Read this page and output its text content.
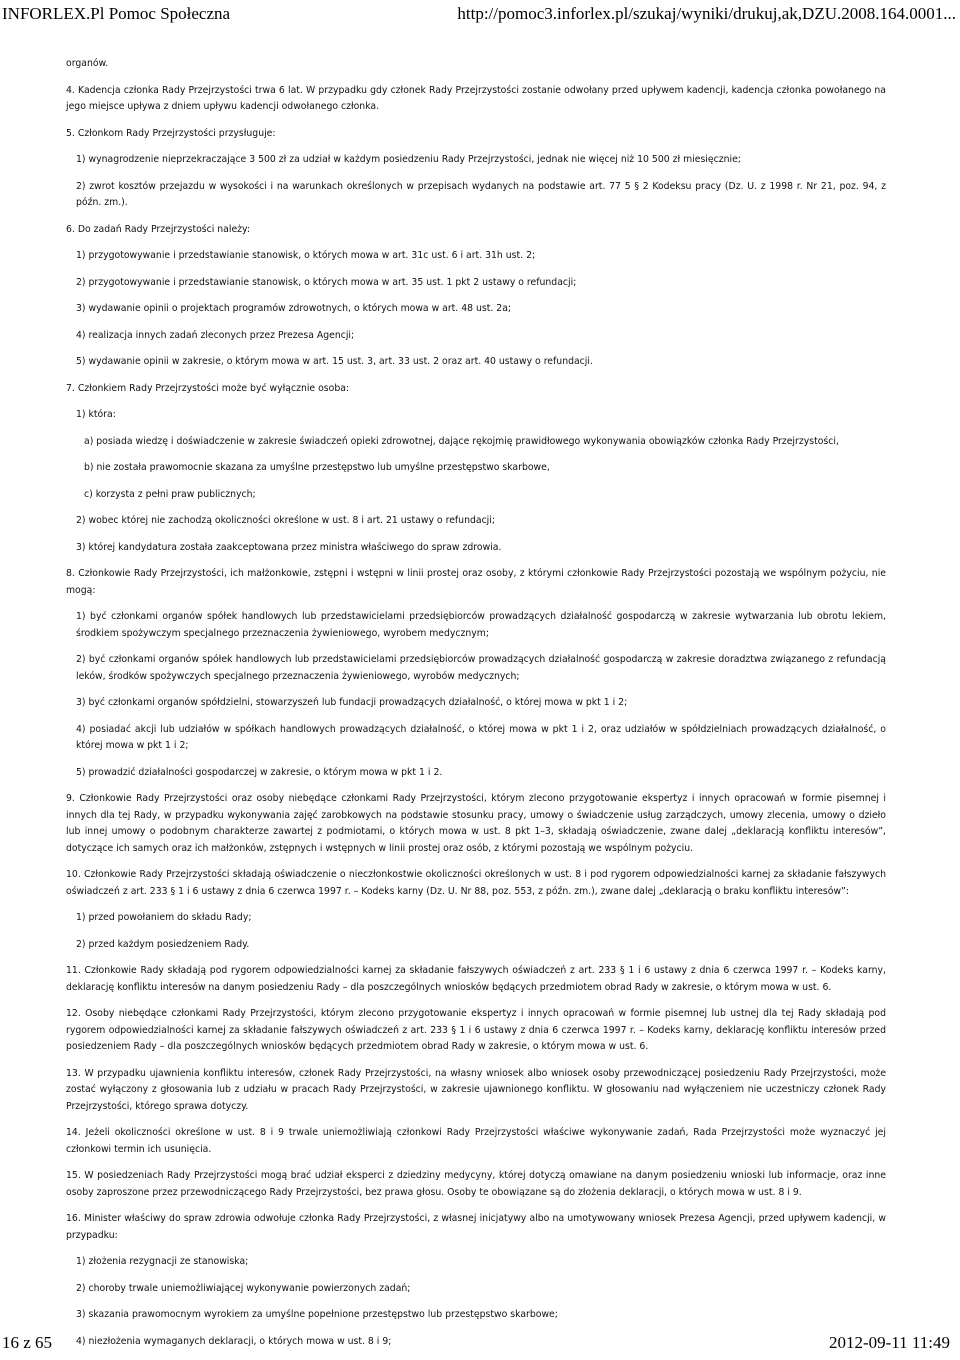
INFORLEX.Pl Pomoc Społeczna	http://pomoc3.inforlex.pl/szukaj/wyniki/drukuj,ak,DZU.2008.164.0001...

organów.

4. Kadencja członka Rady Przejrzystości trwa 6 lat. W przypadku gdy członek Rady Przejrzystości zostanie odwołany przed upływem kadencji, kadencja członka powołanego na jego miejsce upływa z dniem upływu kadencji odwołanego członka.

5. Członkom Rady Przejrzystości przysługuje:

1) wynagrodzenie nieprzekraczające 3 500 zł za udział w każdym posiedzeniu Rady Przejrzystości, jednak nie więcej niż 10 500 zł miesięcznie;

2) zwrot kosztów przejazdu w wysokości i na warunkach określonych w przepisach wydanych na podstawie art. 77 5 § 2 Kodeksu pracy (Dz. U. z 1998 r. Nr 21, poz. 94, z późn. zm.).

6. Do zadań Rady Przejrzystości należy:

1) przygotowywanie i przedstawianie stanowisk, o których mowa w art. 31c ust. 6 i art. 31h ust. 2;

2) przygotowywanie i przedstawianie stanowisk, o których mowa w art. 35 ust. 1 pkt 2 ustawy o refundacji;

3) wydawanie opinii o projektach programów zdrowotnych, o których mowa w art. 48 ust. 2a;

4) realizacja innych zadań zleconych przez Prezesa Agencji;

5) wydawanie opinii w zakresie, o którym mowa w art. 15 ust. 3, art. 33 ust. 2 oraz art. 40 ustawy o refundacji.

7. Członkiem Rady Przejrzystości może być wyłącznie osoba:

1) która:

a) posiada wiedzę i doświadczenie w zakresie świadczeń opieki zdrowotnej, dające rękojmię prawidłowego wykonywania obowiązków członka Rady Przejrzystości,

b) nie została prawomocnie skazana za umyślne przestępstwo lub umyślne przestępstwo skarbowe,

c) korzysta z pełni praw publicznych;

2) wobec której nie zachodzą okoliczności określone w ust. 8 i art. 21 ustawy o refundacji;

3) której kandydatura została zaakceptowana przez ministra właściwego do spraw zdrowia.

8. Członkowie Rady Przejrzystości, ich małżonkowie, zstępni i wstępni w linii prostej oraz osoby, z którymi członkowie Rady Przejrzystości pozostają we wspólnym pożyciu, nie mogą:

1) być członkami organów spółek handlowych lub przedstawicielami przedsiębiorców prowadzących działalność gospodarczą w zakresie wytwarzania lub obrotu lekiem, środkiem spożywczym specjalnego przeznaczenia żywieniowego, wyrobem medycznym;

2) być członkami organów spółek handlowych lub przedstawicielami przedsiębiorców prowadzących działalność gospodarczą w zakresie doradztwa związanego z refundacją leków, środków spożywczych specjalnego przeznaczenia żywieniowego, wyrobów medycznych;

3) być członkami organów spółdzielni, stowarzyszeń lub fundacji prowadzących działalność, o której mowa w pkt 1 i 2;

4) posiadać akcji lub udziałów w spółkach handlowych prowadzących działalność, o której mowa w pkt 1 i 2, oraz udziałów w spółdzielniach prowadzących działalność, o której mowa w pkt 1 i 2;

5) prowadzić działalności gospodarczej w zakresie, o którym mowa w pkt 1 i 2.

9. Członkowie Rady Przejrzystości oraz osoby niebędące członkami Rady Przejrzystości, którym zlecono przygotowanie ekspertyz i innych opracowań w formie pisemnej i innych dla tej Rady, w przypadku wykonywania zajęć zarobkowych na podstawie stosunku pracy, umowy o świadczenie usług zarządczych, umowy zlecenia, umowy o dzieło lub innej umowy o podobnym charakterze zawartej z podmiotami, o których mowa w ust. 8 pkt 1–3, składają oświadczenie, zwane dalej „deklaracją konfliktu interesów”, dotyczące ich samych oraz ich małżonków, zstępnych i wstępnych w linii prostej oraz osób, z którymi pozostają we wspólnym pożyciu.

10. Członkowie Rady Przejrzystości składają oświadczenie o nieczłonkostwie okoliczności określonych w ust. 8 i pod rygorem odpowiedzialności karnej za składanie fałszywych oświadczeń z art. 233 § 1 i 6 ustawy z dnia 6 czerwca 1997 r. – Kodeks karny (Dz. U. Nr 88, poz. 553, z późn. zm.), zwane dalej „deklaracją o braku konfliktu interesów”:

1) przed powołaniem do składu Rady;

2) przed każdym posiedzeniem Rady.

11. Członkowie Rady składają pod rygorem odpowiedzialności karnej za składanie fałszywych oświadczeń z art. 233 § 1 i 6 ustawy z dnia 6 czerwca 1997 r. – Kodeks karny, deklarację konfliktu interesów na danym posiedzeniu Rady – dla poszczególnych wniosków będących przedmiotem obrad Rady w zakresie, o którym mowa w ust. 6.

12. Osoby niebędące członkami Rady Przejrzystości, którym zlecono przygotowanie ekspertyz i innych opracowań w formie pisemnej lub ustnej dla tej Rady składają pod rygorem odpowiedzialności karnej za składanie fałszywych oświadczeń z art. 233 § 1 i 6 ustawy z dnia 6 czerwca 1997 r. – Kodeks karny, deklarację konfliktu interesów przed posiedzeniem Rady – dla poszczególnych wniosków będących przedmiotem obrad Rady w zakresie, o którym mowa w ust. 6.

13. W przypadku ujawnienia konfliktu interesów, członek Rady Przejrzystości, na własny wniosek albo wniosek osoby przewodniczącej posiedzeniu Rady Przejrzystości, może zostać wyłączony z głosowania lub z udziału w pracach Rady Przejrzystości, w zakresie ujawnionego konfliktu. W głosowaniu nad wyłączeniem nie uczestniczy członek Rady Przejrzystości, którego sprawa dotyczy.

14. Jeżeli okoliczności określone w ust. 8 i 9 trwale uniemożliwiają członkowi Rady Przejrzystości właściwe wykonywanie zadań, Rada Przejrzystości może wyznaczyć jej członkowi termin ich usunięcia.

15. W posiedzeniach Rady Przejrzystości mogą brać udział eksperci z dziedziny medycyny, której dotyczą omawiane na danym posiedzeniu wnioski lub informacje, oraz inne osoby zaproszone przez przewodniczącego Rady Przejrzystości, bez prawa głosu. Osoby te obowiązane są do złożenia deklaracji, o których mowa w ust. 8 i 9.

16. Minister właściwy do spraw zdrowia odwołuje członka Rady Przejrzystości, z własnej inicjatywy albo na umotywowany wniosek Prezesa Agencji, przed upływem kadencji, w przypadku:

1) złożenia rezygnacji ze stanowiska;

2) choroby trwale uniemożliwiającej wykonywanie powierzonych zadań;

3) skazania prawomocnym wyrokiem za umyślne popełnione przestępstwo lub przestępstwo skarbowe;

4) niezłożenia wymaganych deklaracji, o których mowa w ust. 8 i 9;

16 z 65	2012-09-11 11:49
